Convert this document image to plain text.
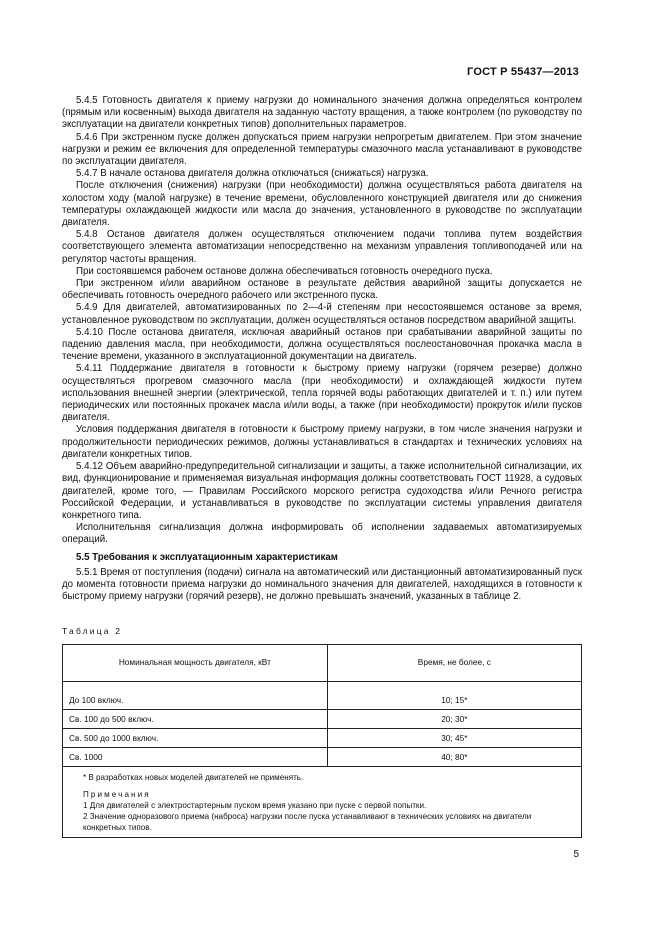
ГОСТ Р 55437—2013

5.4.5 Готовность двигателя к приему нагрузки до номинального значения должна определяться контролем (прямым или косвенным) выхода двигателя на заданную частоту вращения, а также контролем (по руководству по эксплуатации на двигатели конкретных типов) дополнительных параметров.

5.4.6 При экстренном пуске должен допускаться прием нагрузки непрогретым двигателем. При этом значение нагрузки и режим ее включения для определенной температуры смазочного масла устанавливают в руководстве по эксплуатации двигателя.

5.4.7 В начале останова двигателя должна отключаться (снижаться) нагрузка.

После отключения (снижения) нагрузки (при необходимости) должна осуществляться работа двигателя на холостом ходу (малой нагрузке) в течение времени, обусловленного конструкцией двигателя или до снижения температуры охлаждающей жидкости или масла до значения, установленного в руководстве по эксплуатации двигателя.

5.4.8 Останов двигателя должен осуществляться отключением подачи топлива путем воздействия соответствующего элемента автоматизации непосредственно на механизм управления топливоподачей или на регулятор частоты вращения.

При состоявшемся рабочем останове должна обеспечиваться готовность очередного пуска.

При экстренном и/или аварийном останове в результате действия аварийной защиты допускается не обеспечивать готовность очередного рабочего или экстренного пуска.

5.4.9 Для двигателей, автоматизированных по 2—4-й степеням при несостоявшемся останове за время, установленное руководством по эксплуатации, должен осуществляться останов посредством аварийной защиты.

5.4.10 После останова двигателя, исключая аварийный останов при срабатывании аварийной защиты по падению давления масла, при необходимости, должна осуществляться послеостановочная прокачка масла в течение времени, указанного в эксплуатационной документации на двигатель.

5.4.11 Поддержание двигателя в готовности к быстрому приему нагрузки (горячем резерве) должно осуществляться прогревом смазочного масла (при необходимости) и охлаждающей жидкости путем использования внешней энергии (электрической, тепла горячей воды работающих двигателей и т. п.) или путем периодических или постоянных прокачек масла и/или воды, а также (при необходимости) прокруток и/или пусков двигателя.

Условия поддержания двигателя в готовности к быстрому приему нагрузки, в том числе значения нагрузки и продолжительности периодических режимов, должны устанавливаться в стандартах и технических условиях на двигатели конкретных типов.

5.4.12 Объем аварийно-предупредительной сигнализации и защиты, а также исполнительной сигнализации, их вид, функционирование и применяемая визуальная информация должны соответствовать ГОСТ 11928, а судовых двигателей, кроме того, — Правилам Российского морского регистра судоходства и/или Речного регистра Российской Федерации, и устанавливаться в руководстве по эксплуатации системы управления двигателя конкретного типа.

Исполнительная сигнализация должна информировать об исполнении задаваемых автоматизируемых операций.

5.5 Требования к эксплуатационным характеристикам

5.5.1 Время от поступления (подачи) сигнала на автоматический или дистанционный автоматизированный пуск до момента готовности приема нагрузки до номинального значения для двигателей, находящихся в готовности к быстрому приему нагрузки (горячий резерв), не должно превышать значений, указанных в таблице 2.

Таблица 2
Номинальная мощность двигателя, кВт	Время, не более, с
До 100 включ.	10; 15*
Св. 100 до 500 включ.	20; 30*
Св. 500 до 1000 включ.	30; 45*
Св. 1000	40; 80*

* В разработках новых моделей двигателей не применять.
Примечания
1 Для двигателей с электростартерным пуском время указано при пуске с первой попытки.
2 Значение одноразового приема (наброса) нагрузки после пуска устанавливают в технических условиях на двигатели конкретных типов.	
5
